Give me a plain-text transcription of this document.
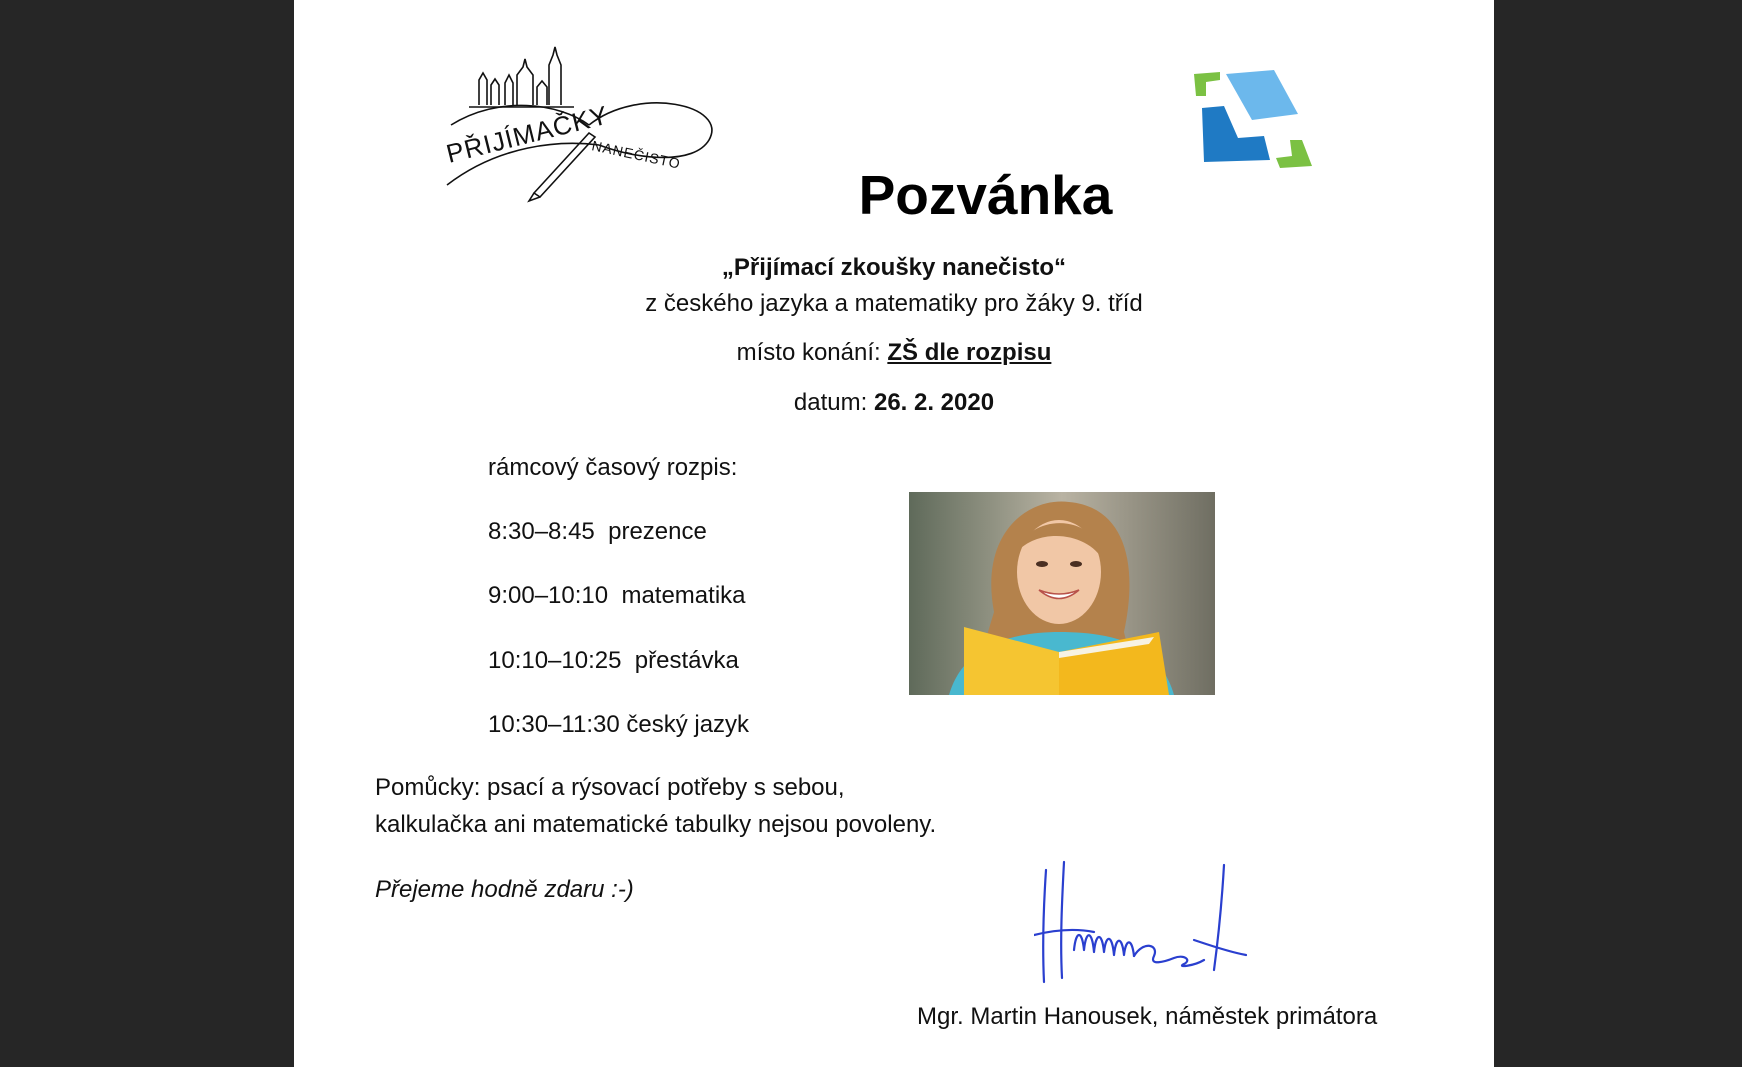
PŘIJÍMAČKY
NANEČISTO
Pozvánka
„Přijímací zkoušky nanečisto“
z českého jazyka a matematiky pro žáky 9. tříd
místo konání: ZŠ dle rozpisu
datum: 26. 2. 2020
rámcový časový rozpis:
8:30–8:45  prezence
9:00–10:10  matematika
10:10–10:25  přestávka
10:30–11:30 český jazyk
Pomůcky: psací a rýsovací potřeby s sebou,
kalkulačka ani matematické tabulky nejsou povoleny.
Přejeme hodně zdaru :-)
Mgr. Martin Hanousek, náměstek primátora
